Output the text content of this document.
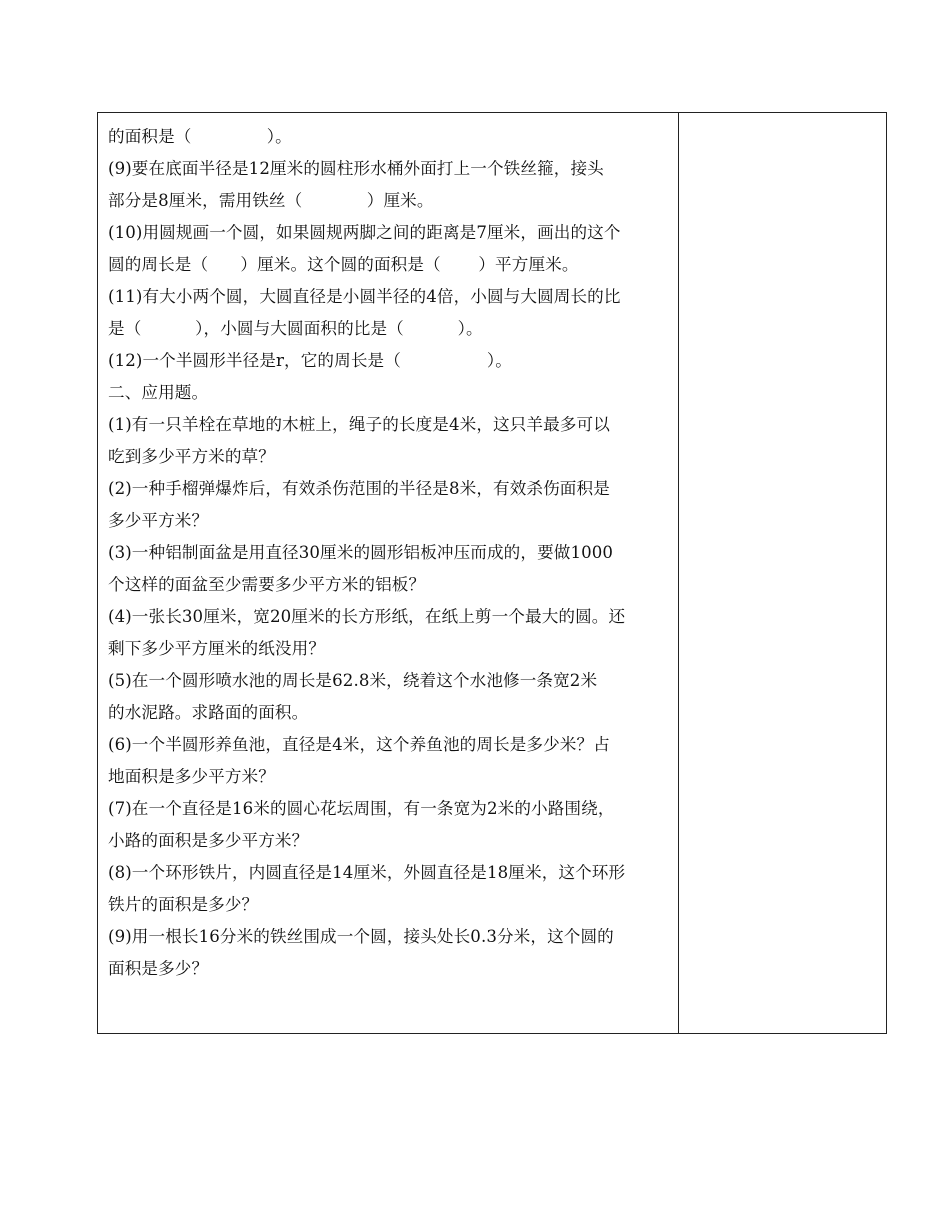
的面积是（              ）。
(9)要在底面半径是12厘米的圆柱形水桶外面打上一个铁丝箍，接头
部分是8厘米，需用铁丝（            ）厘米。
(10)用圆规画一个圆，如果圆规两脚之间的距离是7厘米，画出的这个
圆的周长是（      ）厘米。这个圆的面积是（       ）平方厘米。
(11)有大小两个圆，大圆直径是小圆半径的4倍，小圆与大圆周长的比
是（          ），小圆与大圆面积的比是（          ）。
(12)一个半圆形半径是r，它的周长是（                ）。
二、应用题。
(1)有一只羊栓在草地的木桩上，绳子的长度是4米，这只羊最多可以
吃到多少平方米的草？
(2)一种手榴弹爆炸后，有效杀伤范围的半径是8米，有效杀伤面积是
多少平方米？
(3)一种铝制面盆是用直径30厘米的圆形铝板冲压而成的，要做1000
个这样的面盆至少需要多少平方米的铝板？
(4)一张长30厘米，宽20厘米的长方形纸，在纸上剪一个最大的圆。还
剩下多少平方厘米的纸没用？
(5)在一个圆形喷水池的周长是62.8米，绕着这个水池修一条宽2米
的水泥路。求路面的面积。
(6)一个半圆形养鱼池，直径是4米，这个养鱼池的周长是多少米？占
地面积是多少平方米？
(7)在一个直径是16米的圆心花坛周围，有一条宽为2米的小路围绕，
小路的面积是多少平方米？
(8)一个环形铁片，内圆直径是14厘米，外圆直径是18厘米，这个环形
铁片的面积是多少？
(9)用一根长16分米的铁丝围成一个圆，接头处长0.3分米，这个圆的
面积是多少？
